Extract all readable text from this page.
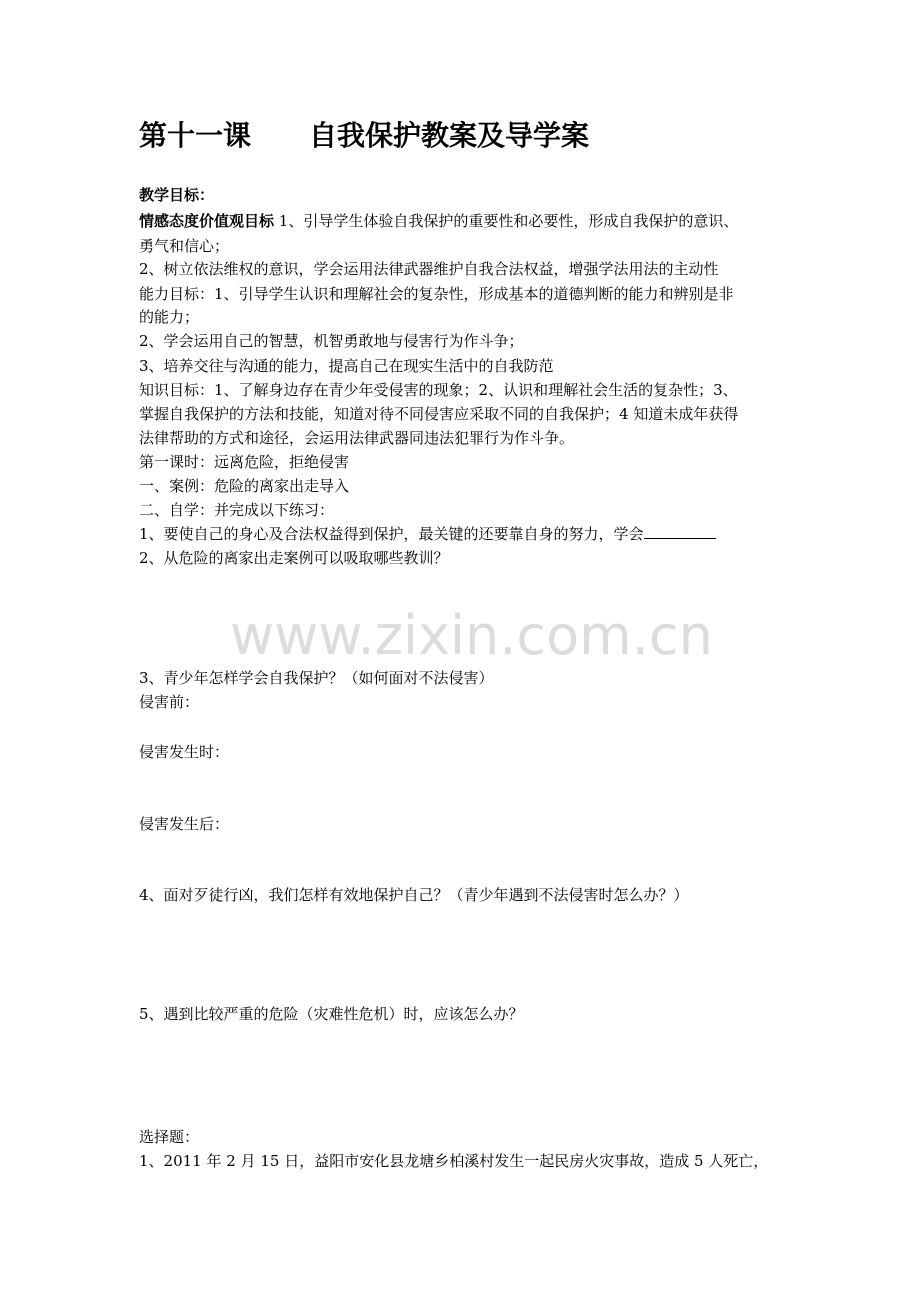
第十一课 自我保护教案及导学案
教学目标：
情感态度价值观目标 1、引导学生体验自我保护的重要性和必要性，形成自我保护的意识、
勇气和信心；
2、树立依法维权的意识，学会运用法律武器维护自我合法权益，增强学法用法的主动性
能力目标：1、引导学生认识和理解社会的复杂性，形成基本的道德判断的能力和辨别是非
的能力；
2、学会运用自己的智慧，机智勇敢地与侵害行为作斗争；
3、培养交往与沟通的能力，提高自己在现实生活中的自我防范
知识目标：1、了解身边存在青少年受侵害的现象；2、认识和理解社会生活的复杂性；3、
掌握自我保护的方法和技能，知道对待不同侵害应采取不同的自我保护；4 知道未成年获得
法律帮助的方式和途径，会运用法律武器同违法犯罪行为作斗争。
第一课时：远离危险，拒绝侵害
一、案例：危险的离家出走导入
二、自学：并完成以下练习：
1、要使自己的身心及合法权益得到保护，最关键的还要靠自身的努力，学会
2、从危险的离家出走案例可以吸取哪些教训？
www.zixin.com.cn
3、青少年怎样学会自我保护？（如何面对不法侵害）
侵害前：
侵害发生时：
侵害发生后：
4、面对歹徒行凶，我们怎样有效地保护自己？（青少年遇到不法侵害时怎么办？）
5、遇到比较严重的危险（灾难性危机）时，应该怎么办？
选择题：
1、2011 年 2 月 15 日，益阳市安化县龙塘乡柏溪村发生一起民房火灾事故，造成 5 人死亡，
